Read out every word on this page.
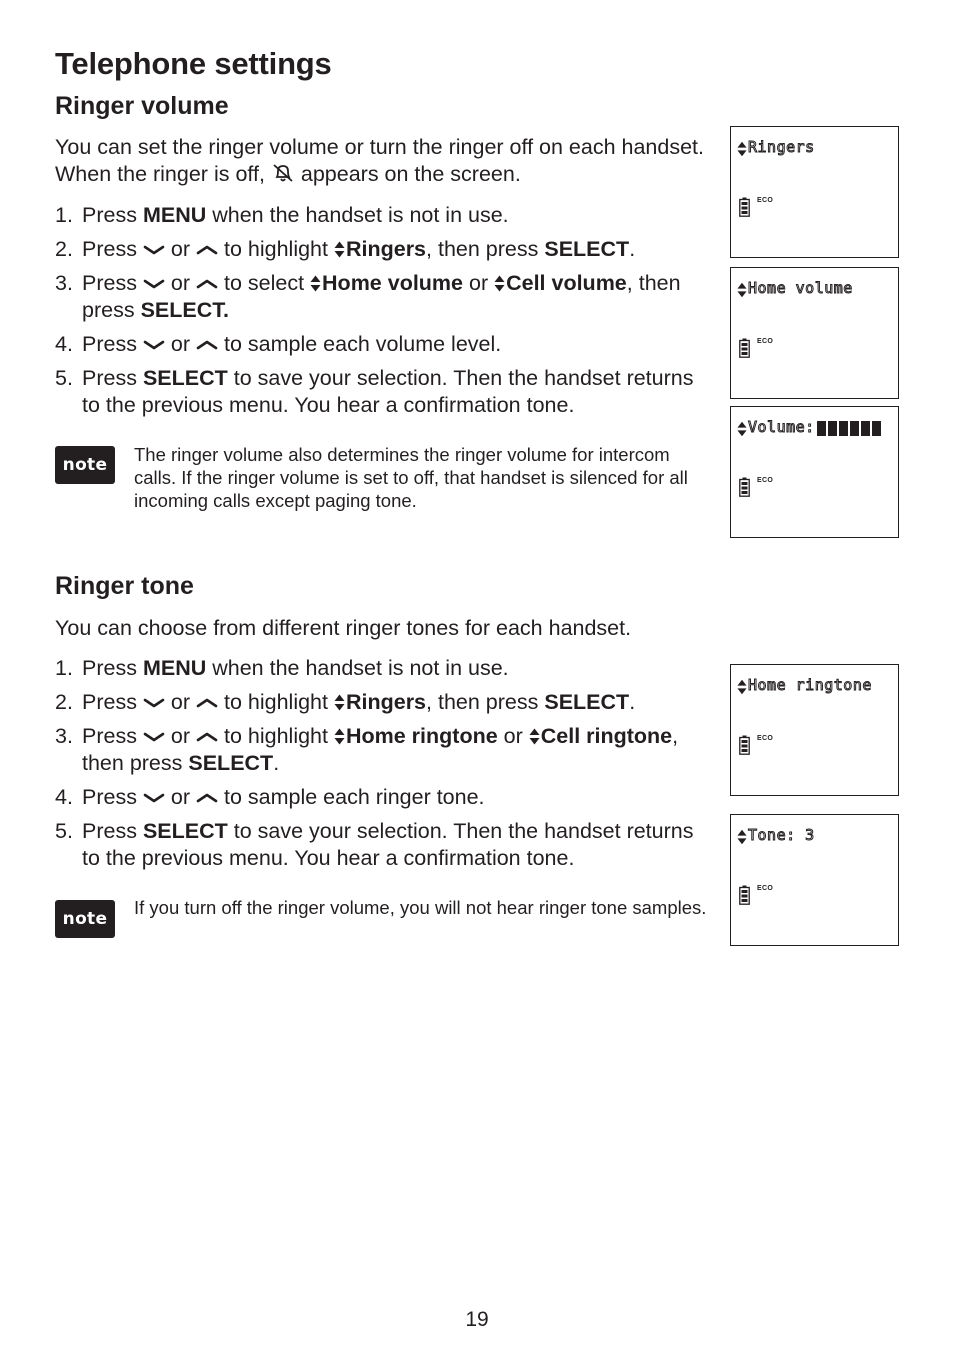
Telephone settings
Ringer volume

You can set the ringer volume or turn the ringer off on each handset. When the ringer is off,  appears on the screen.

1. Press MENU when the handset is not in use.
2. Press  or  to highlight Ringers, then press SELECT.
3. Press  or  to select Home volume or Cell volume, then press SELECT.
4. Press  or  to sample each volume level.
5. Press SELECT to save your selection. Then the handset returns to the previous menu. You hear a confirmation tone.
note	The ringer volume also determines the ringer volume for intercom calls. If the ringer volume is set to off, that handset is silenced for all incoming calls except paging tone.

Ringer tone

You can choose from different ringer tones for each handset.

1. Press MENU when the handset is not in use.
2. Press  or  to highlight Ringers, then press SELECT.
3. Press  or  to highlight Home ringtone or Cell ringtone, then press SELECT.
4. Press  or  to sample each ringer tone.
5. Press SELECT to save your selection. Then the handset returns to the previous menu. You hear a confirmation tone.
note

If you turn off the ringer volume, you will not hear ringer tone samples.

Ringers
ECO
Home volume
ECO
Volume:
ECO
Home ringtone
ECO
Tone: 3
ECO
19
